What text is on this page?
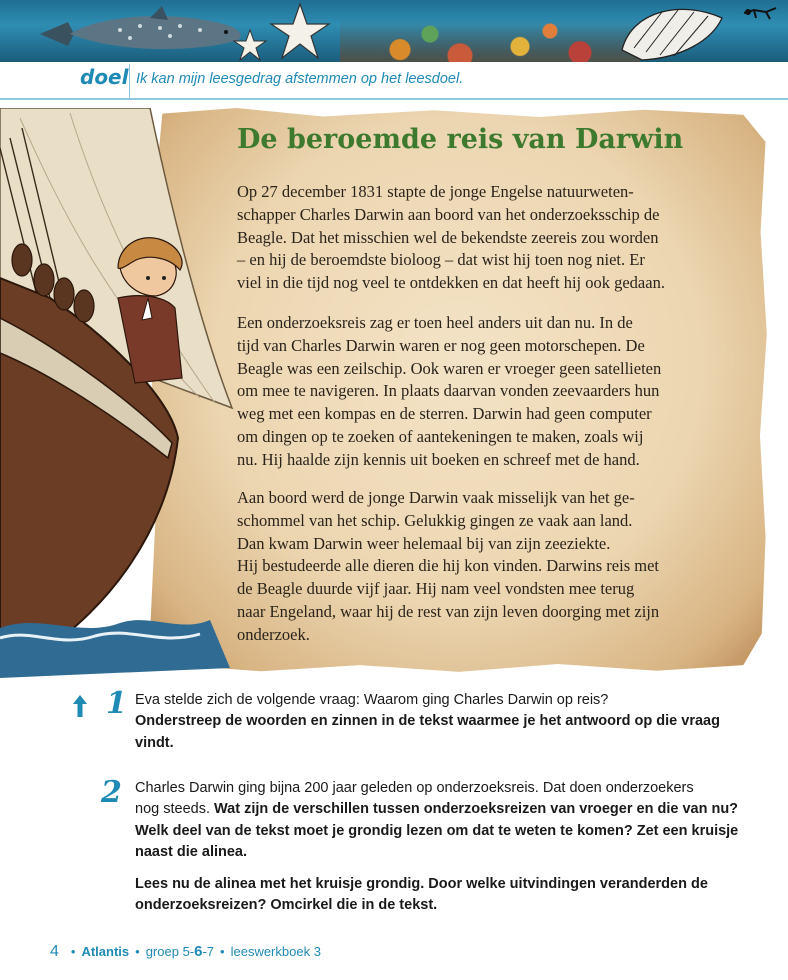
doel Ik kan mijn leesgedrag afstemmen op het leesdoel.
De beroemde reis van Darwin
Op 27 december 1831 stapte de jonge Engelse natuurweten-
schapper Charles Darwin aan boord van het onderzoeksschip de
Beagle. Dat het misschien wel de bekendste zeereis zou worden
– en hij de beroemdste bioloog – dat wist hij toen nog niet. Er
viel in die tijd nog veel te ontdekken en dat heeft hij ook gedaan.
Een onderzoeksreis zag er toen heel anders uit dan nu. In de
tijd van Charles Darwin waren er nog geen motorschepen. De
Beagle was een zeilschip. Ook waren er vroeger geen satellieten
om mee te navigeren. In plaats daarvan vonden zeevaarders hun
weg met een kompas en de sterren. Darwin had geen computer
om dingen op te zoeken of aantekeningen te maken, zoals wij
nu. Hij haalde zijn kennis uit boeken en schreef met de hand.
Aan boord werd de jonge Darwin vaak misselijk van het ge-
schommel van het schip. Gelukkig gingen ze vaak aan land.
Dan kwam Darwin weer helemaal bij van zijn zeeziekte.
Hij bestudeerde alle dieren die hij kon vinden. Darwins reis met
de Beagle duurde vijf jaar. Hij nam veel vondsten mee terug
naar Engeland, waar hij de rest van zijn leven doorging met zijn
onderzoek.
1 Eva stelde zich de volgende vraag: Waarom ging Charles Darwin op reis?
Onderstreep de woorden en zinnen in de tekst waarmee je het antwoord op die vraag
vindt.
2 Charles Darwin ging bijna 200 jaar geleden op onderzoeksreis. Dat doen onderzoekers
nog steeds. Wat zijn de verschillen tussen onderzoeksreizen van vroeger en die van nu?
Welk deel van de tekst moet je grondig lezen om dat te weten te komen? Zet een kruisje
naast die alinea.
Lees nu de alinea met het kruisje grondig. Door welke uitvindingen veranderden de
onderzoeksreizen? Omcirkel die in de tekst.
4 • Atlantis • groep 5-6-7 • leeswerkboek 3
